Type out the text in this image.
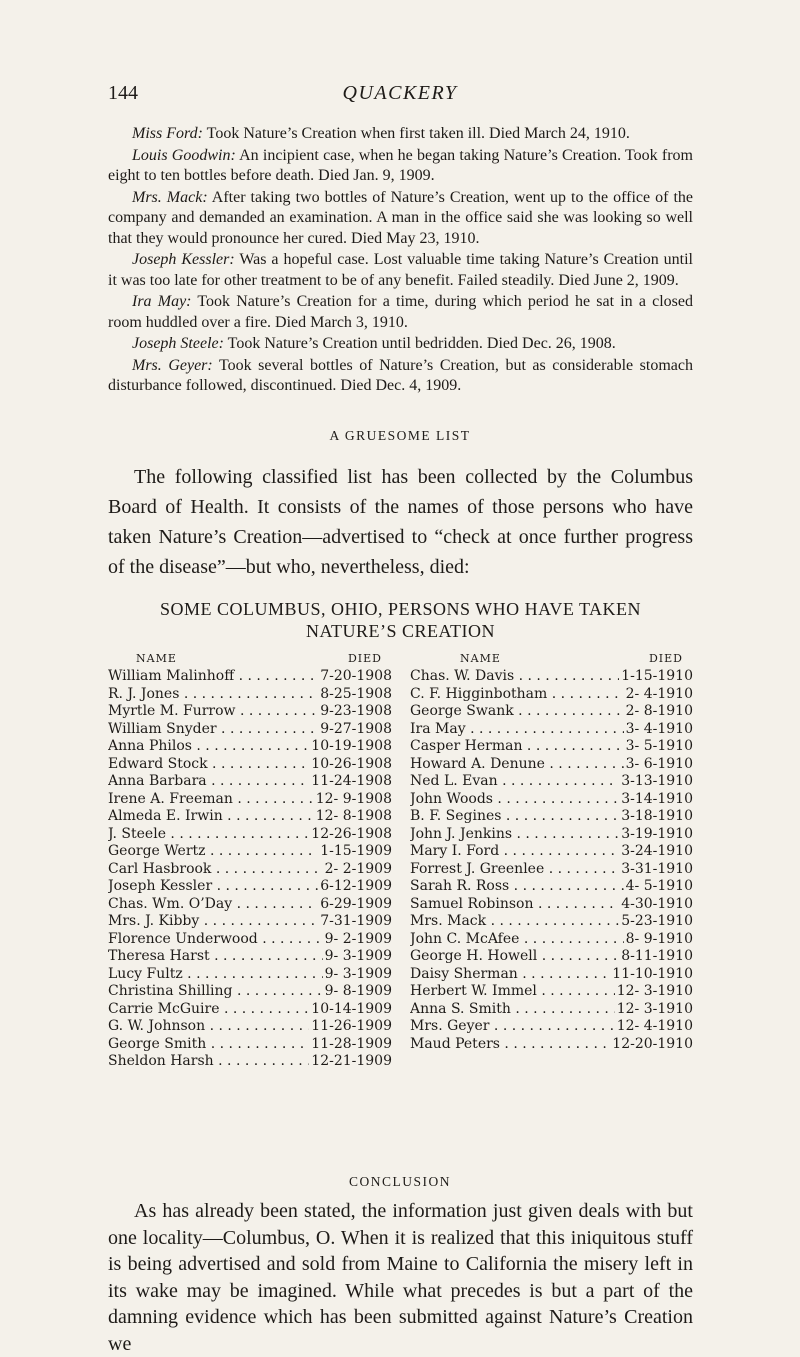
QUACKERY
144

Miss Ford: Took Nature’s Creation when first taken ill. Died March 24, 1910.

Louis Goodwin: An incipient case, when he began taking Nature’s Creation. Took from eight to ten bottles before death. Died Jan. 9, 1909.

Mrs. Mack: After taking two bottles of Nature’s Creation, went up to the office of the company and demanded an examination. A man in the office said she was looking so well that they would pronounce her cured. Died May 23, 1910.

Joseph Kessler: Was a hopeful case. Lost valuable time taking Nature’s Creation until it was too late for other treatment to be of any benefit. Failed steadily. Died June 2, 1909.

Ira May: Took Nature’s Creation for a time, during which period he sat in a closed room huddled over a fire. Died March 3, 1910.

Joseph Steele: Took Nature’s Creation until bedridden. Died Dec. 26, 1908.

Mrs. Geyer: Took several bottles of Nature’s Creation, but as considerable stomach disturbance followed, discontinued. Died Dec. 4, 1909.

A GRUESOME LIST

The following classified list has been collected by the Columbus Board of Health. It consists of the names of those persons who have taken Nature’s Creation—advertised to “check at once further progress of the disease”—but who, nevertheless, died:

SOME COLUMBUS, OHIO, PERSONS WHO HAVE TAKEN
NATURE’S CREATION
NAME	DIED
William Malinhoff . . .	7-20-1908
R. J. Jones . . .	8-25-1908
Myrtle M. Furrow . . .	9-23-1908
William Snyder . . .	9-27-1908
Anna Philos . . .	10-19-1908
Edward Stock . . .	10-26-1908
Anna Barbara . . .	11-24-1908
Irene A. Freeman . . .	12- 9-1908
Almeda E. Irwin . . .	12- 8-1908
J. Steele . . .	12-26-1908
George Wertz . . .	1-15-1909
Carl Hasbrook . . .	2- 2-1909
Joseph Kessler . . .	6-12-1909
Chas. Wm. O’Day . . .	6-29-1909
Mrs. J. Kibby . . .	7-31-1909
Florence Underwood . . .	9- 2-1909
Theresa Harst . . .	9- 3-1909
Lucy Fultz . . .	9- 3-1909
Christina Shilling . . .	9- 8-1909
Carrie McGuire . . .	10-14-1909
G. W. Johnson . . .	11-26-1909
George Smith . . .	11-28-1909
Sheldon Harsh . . .	12-21-1909
NAME	DIED
Chas. W. Davis . . .	1-15-1910
C. F. Higginbotham . . .	2- 4-1910
George Swank . . .	2- 8-1910
Ira May . . .	3- 4-1910
Casper Herman . . .	3- 5-1910
Howard A. Denune . . .	3- 6-1910
Ned L. Evan . . .	3-13-1910
John Woods . . .	3-14-1910
B. F. Segines . . .	3-18-1910
John J. Jenkins . . .	3-19-1910
Mary I. Ford . . .	3-24-1910
Forrest J. Greenlee . . .	3-31-1910
Sarah R. Ross . . .	4- 5-1910
Samuel Robinson . . .	4-30-1910
Mrs. Mack . . .	5-23-1910
John C. McAfee . . .	8- 9-1910
George H. Howell . . .	8-11-1910
Daisy Sherman . . .	11-10-1910
Herbert W. Immel . . .	12- 3-1910
Anna S. Smith . . .	12- 3-1910
Mrs. Geyer . . .	12- 4-1910
Maud Peters . . .	12-20-1910
CONCLUSION

As has already been stated, the information just given deals with but one locality—Columbus, O. When it is realized that this iniquitous stuff is being advertised and sold from Maine to California the misery left in its wake may be imagined. While what precedes is but a part of the damning evidence which has been submitted against Nature’s Creation we
